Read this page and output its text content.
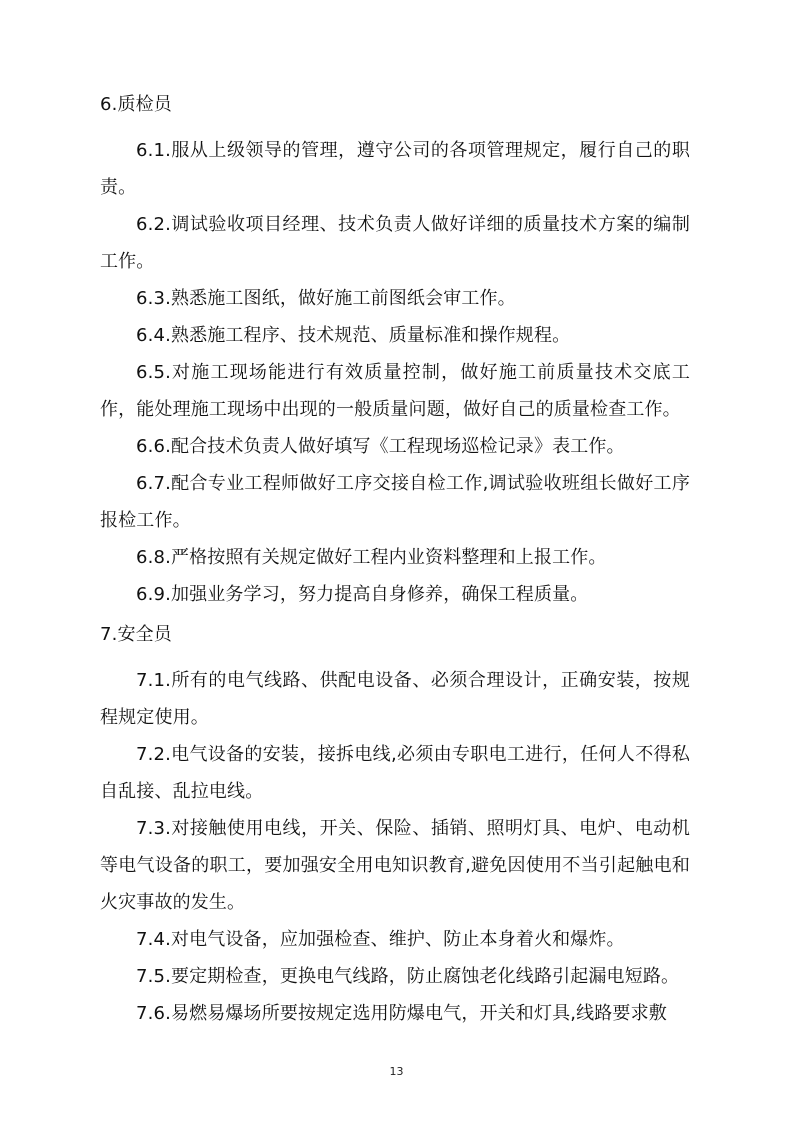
6.质检员

6.1.服从上级领导的管理，遵守公司的各项管理规定，履行自己的职责。

6.2.调试验收项目经理、技术负责人做好详细的质量技术方案的编制工作。

6.3.熟悉施工图纸，做好施工前图纸会审工作。

6.4.熟悉施工程序、技术规范、质量标准和操作规程。

6.5.对施工现场能进行有效质量控制，做好施工前质量技术交底工作，能处理施工现场中出现的一般质量问题，做好自己的质量检查工作。

6.6.配合技术负责人做好填写《工程现场巡检记录》表工作。

6.7.配合专业工程师做好工序交接自检工作,调试验收班组长做好工序报检工作。

6.8.严格按照有关规定做好工程内业资料整理和上报工作。

6.9.加强业务学习，努力提高自身修养，确保工程质量。

7.安全员

7.1.所有的电气线路、供配电设备、必须合理设计，正确安装，按规程规定使用。

7.2.电气设备的安装，接拆电线,必须由专职电工进行，任何人不得私自乱接、乱拉电线。

7.3.对接触使用电线，开关、保险、插销、照明灯具、电炉、电动机等电气设备的职工，要加强安全用电知识教育,避免因使用不当引起触电和火灾事故的发生。

7.4.对电气设备，应加强检查、维护、防止本身着火和爆炸。

7.5.要定期检查，更换电气线路，防止腐蚀老化线路引起漏电短路。

7.6.易燃易爆场所要按规定选用防爆电气，开关和灯具,线路要求敷

13
